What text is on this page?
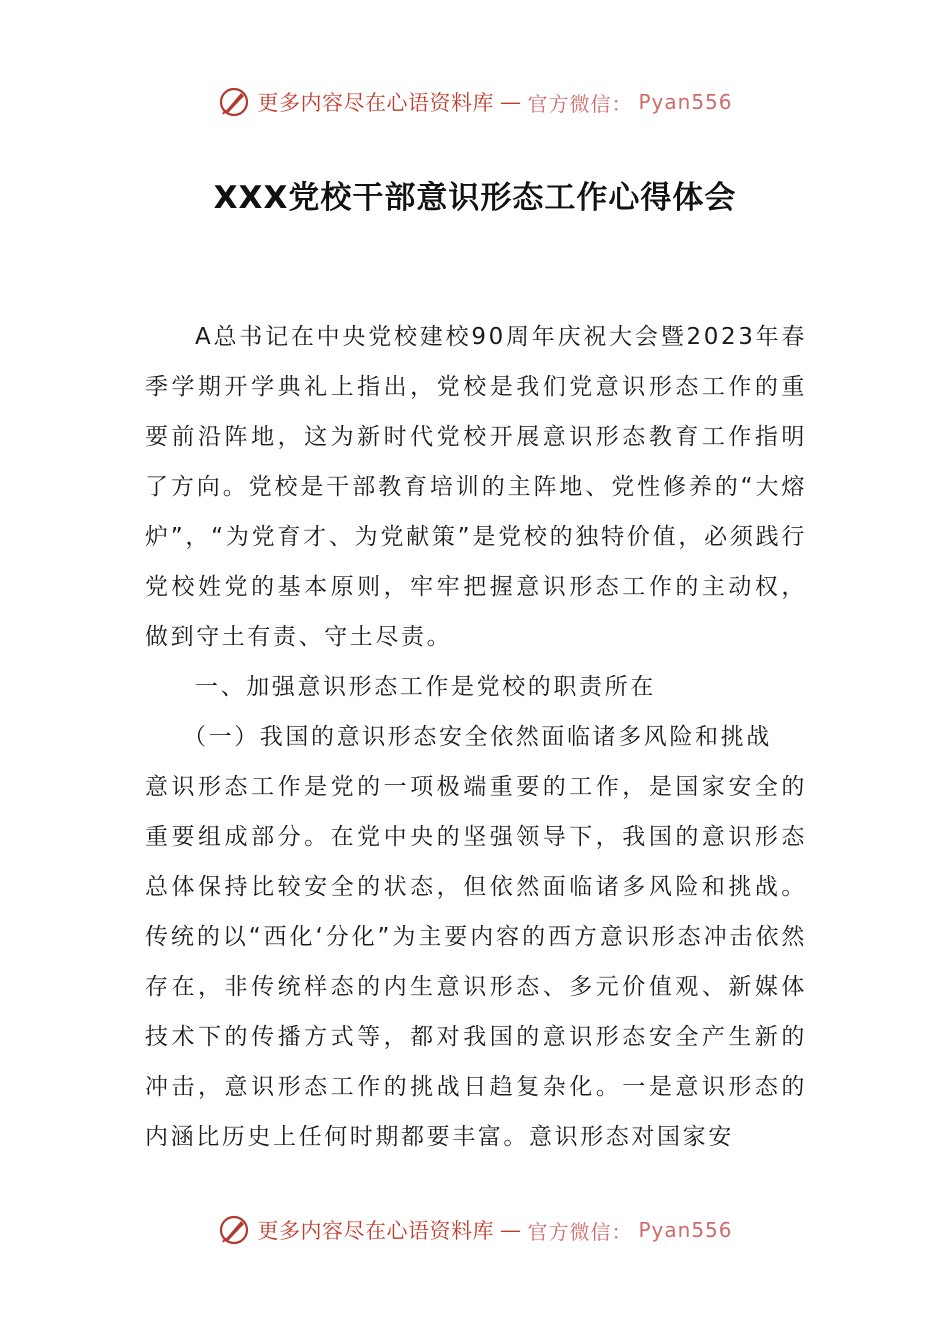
更多内容尽在心语资料库 — 官方微信： Pyan556
XXX党校干部意识形态工作心得体会

A总书记在中央党校建校90周年庆祝大会暨2023年春季学期开学典礼上指出，党校是我们党意识形态工作的重要前沿阵地，这为新时代党校开展意识形态教育工作指明了方向。党校是干部教育培训的主阵地、党性修养的“大熔炉”，“为党育才、为党献策”是党校的独特价值，必须践行党校姓党的基本原则，牢牢把握意识形态工作的主动权，做到守土有责、守土尽责。

一、加强意识形态工作是党校的职责所在

（一）我国的意识形态安全依然面临诸多风险和挑战

意识形态工作是党的一项极端重要的工作，是国家安全的重要组成部分。在党中央的坚强领导下，我国的意识形态总体保持比较安全的状态，但依然面临诸多风险和挑战。传统的以“西化‘分化”为主要内容的西方意识形态冲击依然存在，非传统样态的内生意识形态、多元价值观、新媒体技术下的传播方式等，都对我国的意识形态安全产生新的冲击，意识形态工作的挑战日趋复杂化。一是意识形态的内涵比历史上任何时期都要丰富。意识形态对国家安

更多内容尽在心语资料库 — 官方微信： Pyan556
